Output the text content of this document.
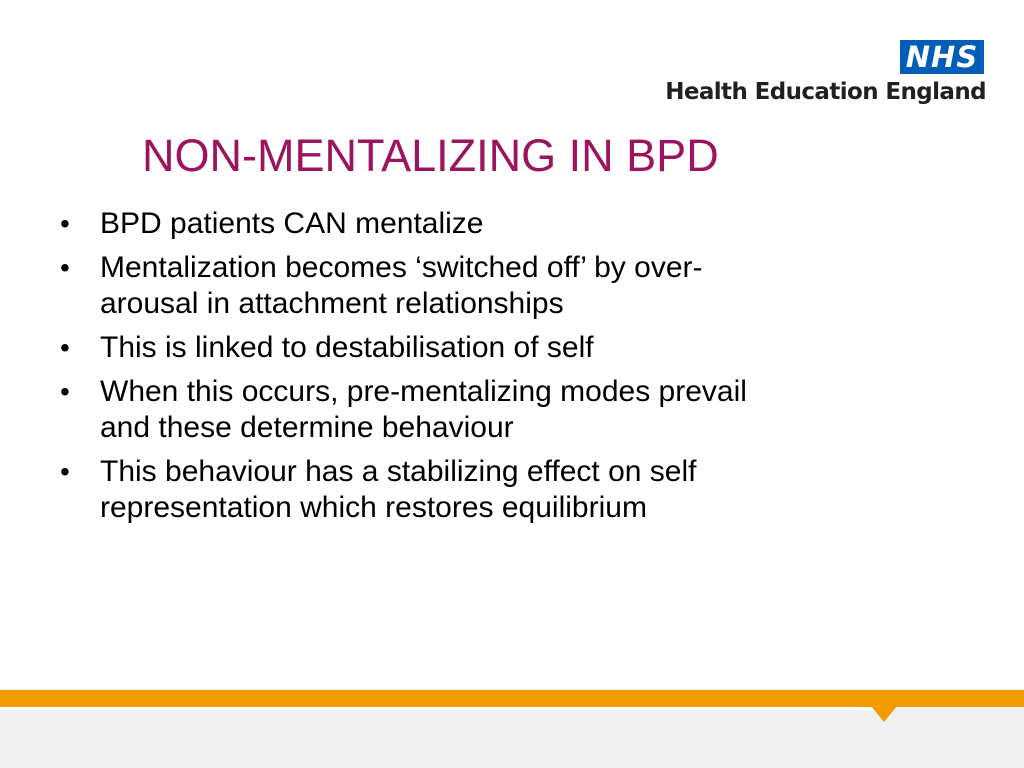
NHS
Health Education England
NON-MENTALIZING IN BPD
• BPD patients CAN mentalize
• Mentalization becomes ‘switched off’ by over-
arousal in attachment relationships
• This is linked to destabilisation of self
• When this occurs, pre-mentalizing modes prevail
and these determine behaviour
• This behaviour has a stabilizing effect on self
representation which restores equilibrium
